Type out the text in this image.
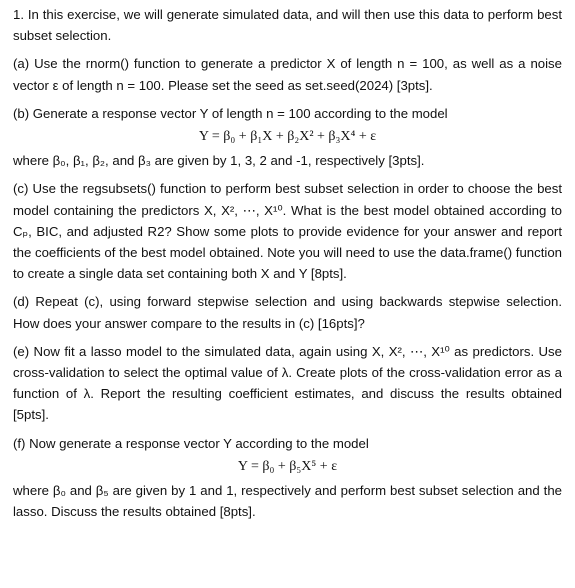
1. In this exercise, we will generate simulated data, and will then use this data to perform best subset selection.

(a) Use the rnorm() function to generate a predictor X of length n = 100, as well as a noise vector ε of length n = 100. Please set the seed as set.seed(2024) [3pts].

(b) Generate a response vector Y of length n = 100 according to the model

Y = β₀ + β₁X + β₂X² + β₃X⁴ + ε

where β₀, β₁, β₂, and β₃ are given by 1, 3, 2 and -1, respectively [3pts].

(c) Use the regsubsets() function to perform best subset selection in order to choose the best model containing the predictors X, X², ⋯, X¹⁰. What is the best model obtained according to Cₚ, BIC, and adjusted R2? Show some plots to provide evidence for your answer and report the coefficients of the best model obtained. Note you will need to use the data.frame() function to create a single data set containing both X and Y [8pts].

(d) Repeat (c), using forward stepwise selection and using backwards stepwise selection. How does your answer compare to the results in (c) [16pts]?

(e) Now fit a lasso model to the simulated data, again using X, X², ⋯, X¹⁰ as predictors. Use cross-validation to select the optimal value of λ. Create plots of the cross-validation error as a function of λ. Report the resulting coefficient estimates, and discuss the results obtained [5pts].

(f) Now generate a response vector Y according to the model

Y = β₀ + β₅X⁵ + ε

where β₀ and β₅ are given by 1 and 1, respectively and perform best subset selection and the lasso. Discuss the results obtained [8pts].
